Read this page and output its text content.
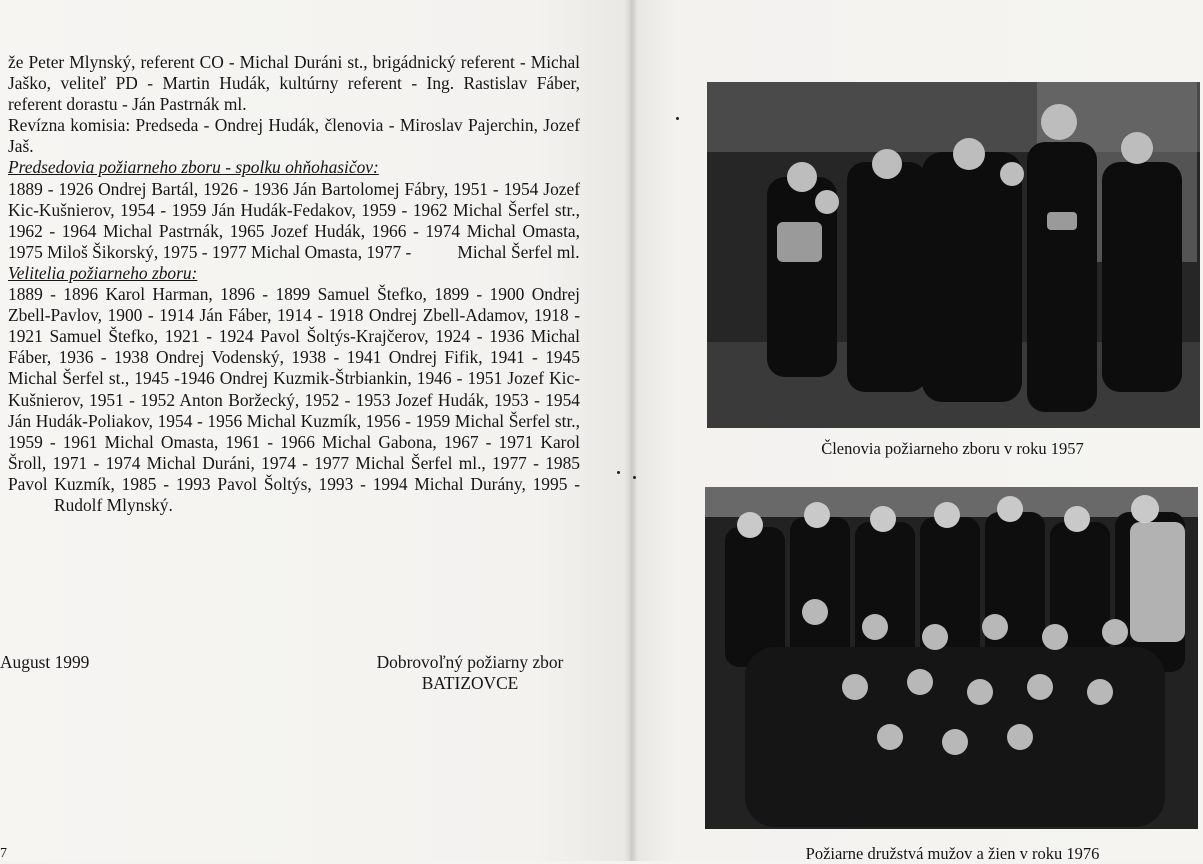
že Peter Mlynský, referent CO - Michal Duráni st., brigádnický referent - Michal Jaško, veliteľ PD - Martin Hudák, kultúrny referent - Ing. Rastislav Fáber, referent dorastu - Ján Pastrnák ml.

Revízna komisia: Predseda - Ondrej Hudák, členovia - Miroslav Pajerchin, Jozef Jaš.

Predsedovia požiarneho zboru - spolku ohňohasičov:

1889 - 1926 Ondrej Bartál, 1926 - 1936 Ján Bartolomej Fábry, 1951 - 1954 Jozef Kic-Kušnierov, 1954 - 1959 Ján Hudák-Fedakov, 1959 - 1962 Michal Šerfel str., 1962 - 1964 Michal Pastrnák, 1965 Jozef Hudák, 1966 - 1974 Michal Omasta, 1975 Miloš Šikorský, 1975 - 1977 Michal Omasta, 1977 -	Michal Šerfel ml.

Velitelia požiarneho zboru:

1889 - 1896 Karol Harman, 1896 - 1899 Samuel Štefko, 1899 - 1900 Ondrej Zbell-Pavlov, 1900 - 1914 Ján Fáber, 1914 - 1918 Ondrej Zbell-Adamov, 1918 - 1921 Samuel Štefko, 1921 - 1924 Pavol Šoltýs-Krajčerov, 1924 - 1936 Michal Fáber, 1936 - 1938 Ondrej Vodenský, 1938 - 1941 Ondrej Fifik, 1941 - 1945 Michal Šerfel st., 1945 -1946 Ondrej Kuzmik-Štrbiankin, 1946 - 1951 Jozef Kic-Kušnierov, 1951 - 1952 Anton Boržecký, 1952 - 1953 Jozef Hudák, 1953 - 1954 Ján Hudák-Poliakov, 1954 - 1956 Michal Kuzmík, 1956 - 1959 Michal Šerfel str., 1959 - 1961 Michal Omasta, 1961 - 1966 Michal Gabona, 1967 - 1971 Karol Šroll, 1971 - 1974 Michal Duráni, 1974 - 1977 Michal Šerfel ml., 1977 - 1985 Pavol Kuzmík, 1985 - 1993 Pavol Šoltýs, 1993 - 1994 Michal Durány, 1995 -Rudolf Mlynský.

August 1999	Dobrovoľný požiarny zbor
BATIZOVCE
7
Členovia požiarneho zboru v roku 1957
Požiarne družstvá mužov a žien v roku 1976
